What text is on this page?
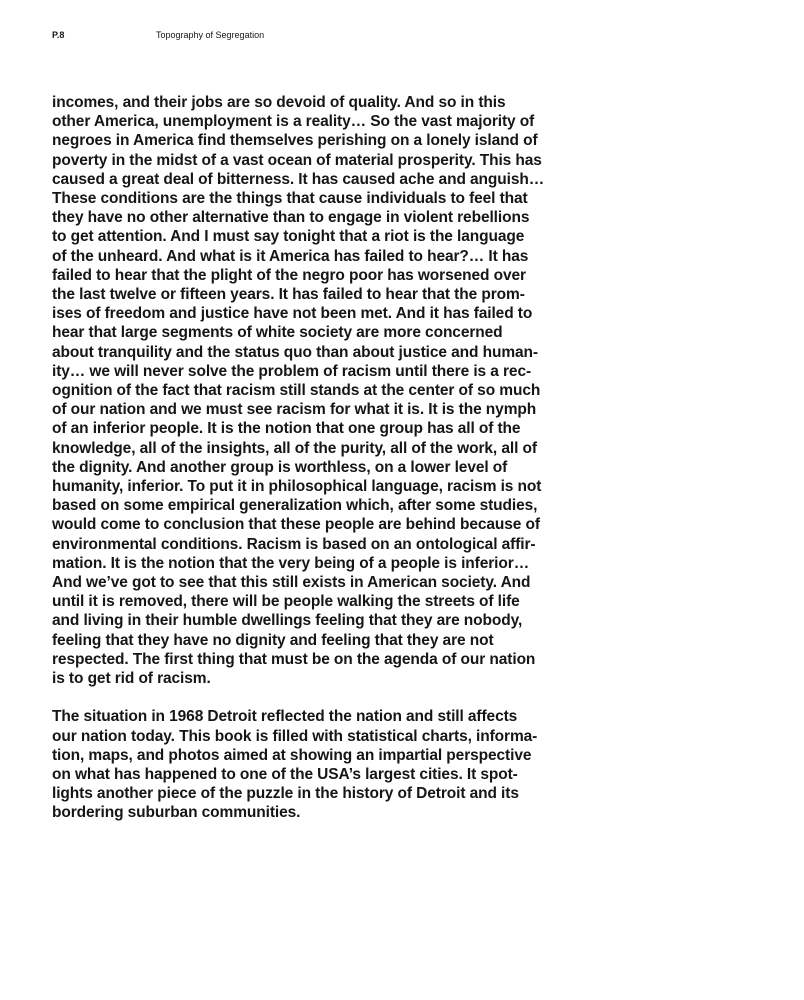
P.8	Topography of Segregation

incomes, and their jobs are so devoid of quality. And so in this
other America, unemployment is a reality… So the vast majority of
negroes in America find themselves perishing on a lonely island of
poverty in the midst of a vast ocean of material prosperity. This has
caused a great deal of bitterness. It has caused ache and anguish…
These conditions are the things that cause individuals to feel that
they have no other alternative than to engage in violent rebellions
to get attention. And I must say tonight that a riot is the language
of the unheard. And what is it America has failed to hear?… It has
failed to hear that the plight of the negro poor has worsened over
the last twelve or fifteen years. It has failed to hear that the prom-
ises of freedom and justice have not been met. And it has failed to
hear that large segments of white society are more concerned
about tranquility and the status quo than about justice and human-
ity… we will never solve the problem of racism until there is a rec-
ognition of the fact that racism still stands at the center of so much
of our nation and we must see racism for what it is. It is the nymph
of an inferior people. It is the notion that one group has all of the
knowledge, all of the insights, all of the purity, all of the work, all of
the dignity. And another group is worthless, on a lower level of
humanity, inferior. To put it in philosophical language, racism is not
based on some empirical generalization which, after some studies,
would come to conclusion that these people are behind because of
environmental conditions. Racism is based on an ontological affir-
mation. It is the notion that the very being of a people is inferior…
And we’ve got to see that this still exists in American society. And
until it is removed, there will be people walking the streets of life
and living in their humble dwellings feeling that they are nobody,
feeling that they have no dignity and feeling that they are not
respected. The first thing that must be on the agenda of our nation
is to get rid of racism.

The situation in 1968 Detroit reflected the nation and still affects
our nation today. This book is filled with statistical charts, informa-
tion, maps, and photos aimed at showing an impartial perspective
on what has happened to one of the USA’s largest cities. It spot-
lights another piece of the puzzle in the history of Detroit and its
bordering suburban communities.
